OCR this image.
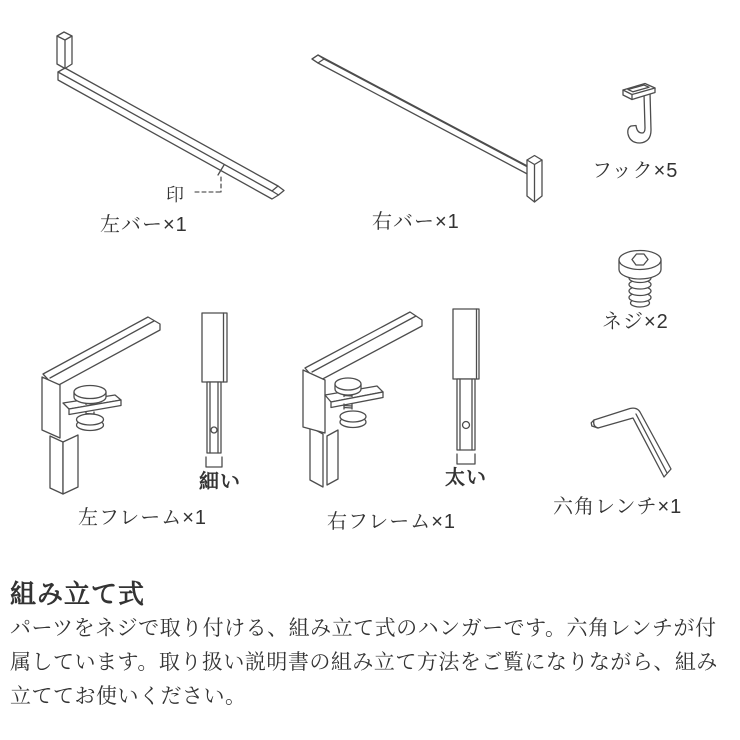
印
左バー×1	右バー×1
フック×5
ネジ×2
左フレーム×1
細い
右フレーム×1
太い
六角レンチ×1
組み立て式

パーツをネジで取り付ける、組み立て式のハンガーです。六角レンチが付属しています。取り扱い説明書の組み立て方法をご覧になりながら、組み立ててお使いください。
